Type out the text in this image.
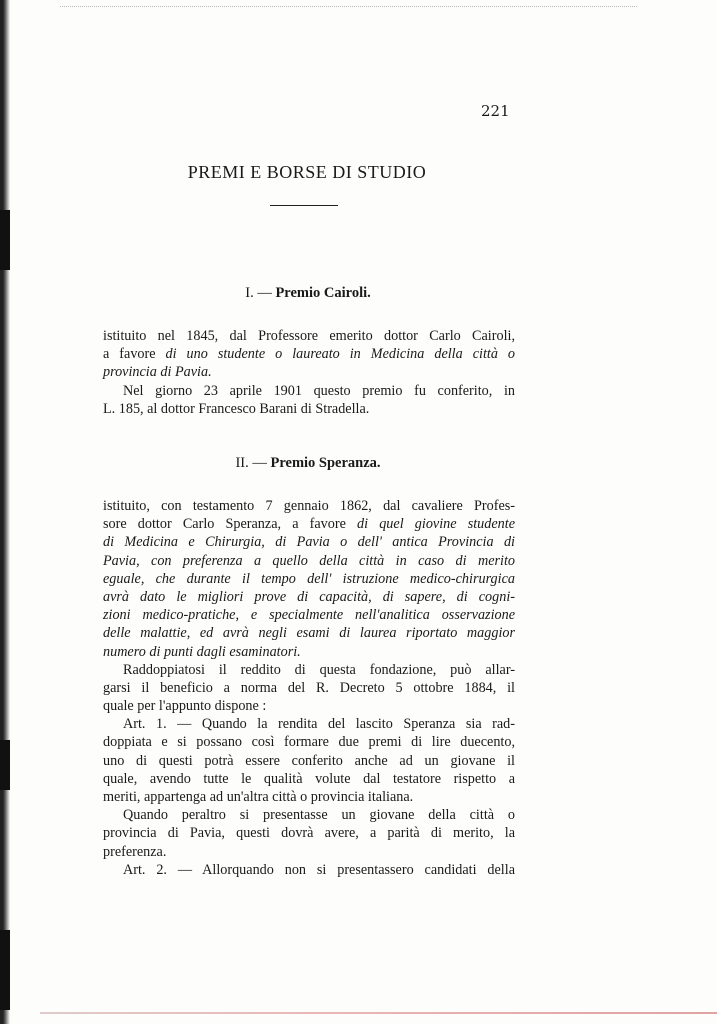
221
PREMI E BORSE DI STUDIO
I. — Premio Cairoli.
istituito nel 1845, dal Professore emerito dottor Carlo Cairoli,
a favore di uno studente o laureato in Medicina della città o
provincia di Pavia.
Nel giorno 23 aprile 1901 questo premio fu conferito, in
L. 185, al dottor Francesco Barani di Stradella.
II. — Premio Speranza.
istituito, con testamento 7 gennaio 1862, dal cavaliere Profes-
sore dottor Carlo Speranza, a favore di quel giovine studente
di Medicina e Chirurgia, di Pavia o dell' antica Provincia di
Pavia, con preferenza a quello della città in caso di merito
eguale, che durante il tempo dell' istruzione medico-chirurgica
avrà dato le migliori prove di capacità, di sapere, di cogni-
zioni medico-pratiche, e specialmente nell'analitica osservazione
delle malattie, ed avrà negli esami di laurea riportato maggior
numero di punti dagli esaminatori.
Raddoppiatosi il reddito di questa fondazione, può allar-
garsi il beneficio a norma del R. Decreto 5 ottobre 1884, il
quale per l'appunto dispone :
Art. 1. — Quando la rendita del lascito Speranza sia rad-
doppiata e si possano così formare due premi di lire duecento,
uno di questi potrà essere conferito anche ad un giovane il
quale, avendo tutte le qualità volute dal testatore rispetto a
meriti, appartenga ad un'altra città o provincia italiana.
Quando peraltro si presentasse un giovane della città o
provincia di Pavia, questi dovrà avere, a parità di merito, la
preferenza.
Art. 2. — Allorquando non si presentassero candidati della
